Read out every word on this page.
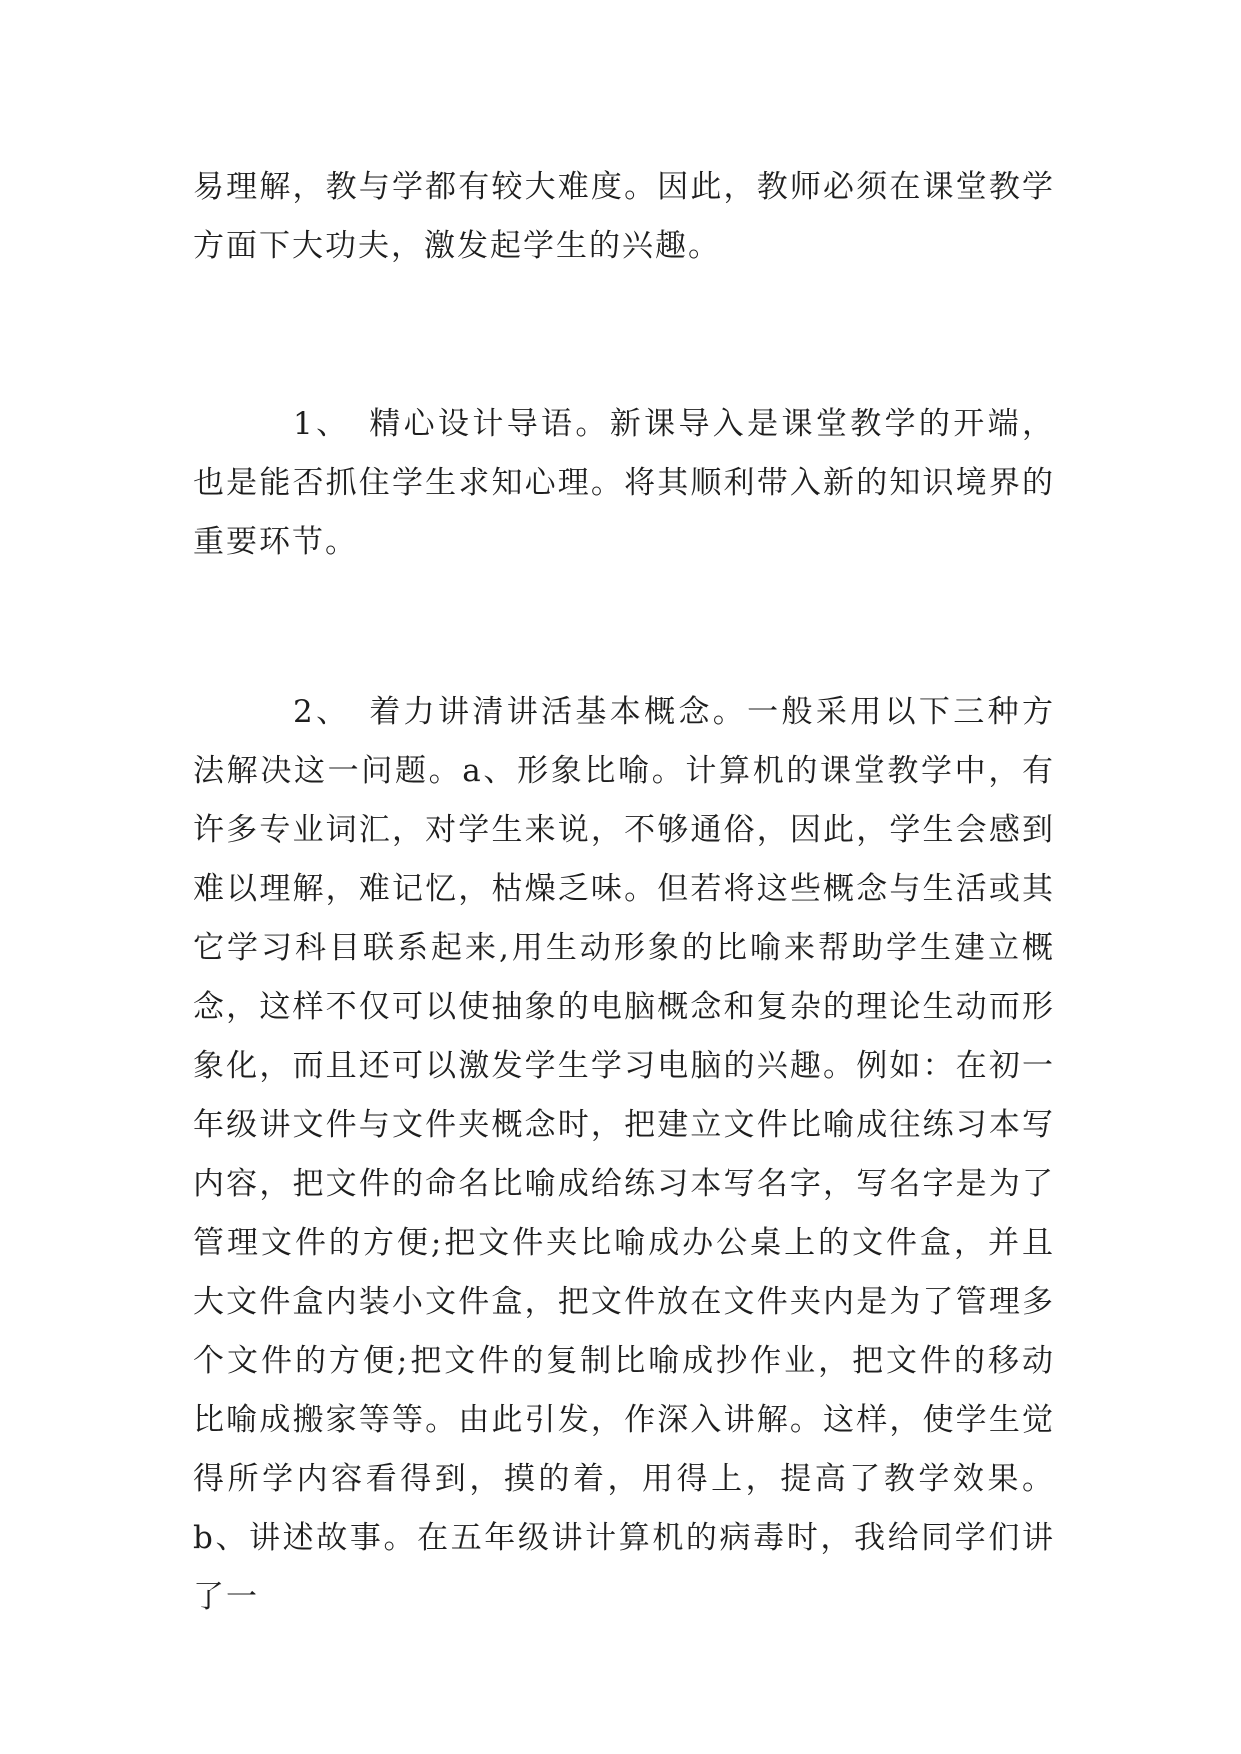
易理解，教与学都有较大难度。因此，教师必须在课堂教学方面下大功夫，激发起学生的兴趣。
1、　精心设计导语。新课导入是课堂教学的开端，也是能否抓住学生求知心理。将其顺利带入新的知识境界的重要环节。
2、　着力讲清讲活基本概念。一般采用以下三种方法解决这一问题。a、形象比喻。计算机的课堂教学中，有许多专业词汇，对学生来说，不够通俗，因此，学生会感到难以理解，难记忆，枯燥乏味。但若将这些概念与生活或其它学习科目联系起来,用生动形象的比喻来帮助学生建立概念，这样不仅可以使抽象的电脑概念和复杂的理论生动而形象化，而且还可以激发学生学习电脑的兴趣。例如：在初一年级讲文件与文件夹概念时，把建立文件比喻成往练习本写内容，把文件的命名比喻成给练习本写名字，写名字是为了管理文件的方便;把文件夹比喻成办公桌上的文件盒，并且大文件盒内装小文件盒，把文件放在文件夹内是为了管理多个文件的方便;把文件的复制比喻成抄作业，把文件的移动比喻成搬家等等。由此引发，作深入讲解。这样，使学生觉得所学内容看得到，摸的着，用得上，提高了教学效果。b、讲述故事。在五年级讲计算机的病毒时，我给同学们讲了一
